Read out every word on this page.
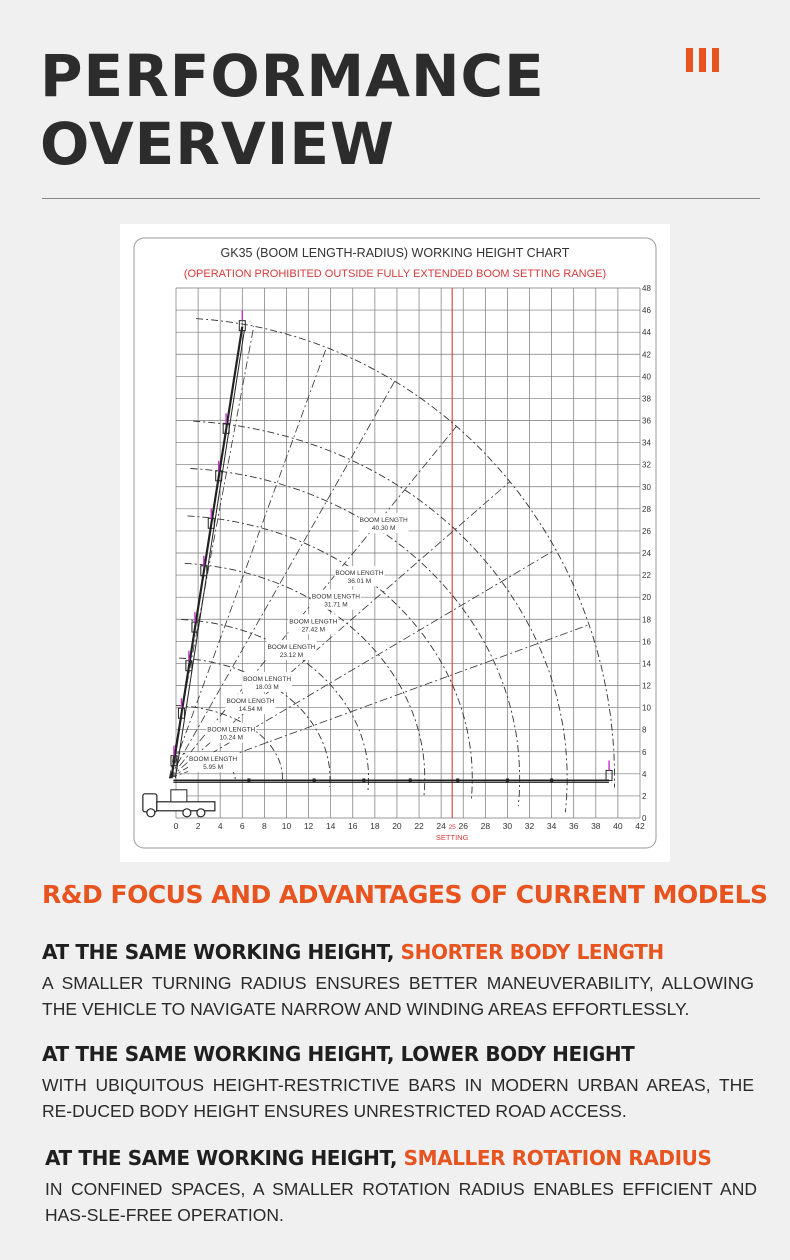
PERFORMANCE
OVERVIEW
GK35 (BOOM LENGTH-RADIUS) WORKING HEIGHT CHART
(OPERATION PROHIBITED OUTSIDE FULLY EXTENDED BOOM SETTING RANGE)
BOOM LENGTH
5.95 M
BOOM LENGTH
10.24 M
BOOM LENGTH
14.54 M
BOOM LENGTH
18.03 M
BOOM LENGTH
23.12 M
BOOM LENGTH
27.42 M
BOOM LENGTH
31.71 M
BOOM LENGTH
36.01 M
BOOM LENGTH
40.30 M
0 2 4 6 8 10 12 14 16 18 20 22 24 25 26 28 30 32 34 36 38 40 42
0
2
4
6
8
10
12
14
16
18
20
22
24
26
28
30
32
34
36
38
40
42
44
46
48
SETTING
R&D FOCUS AND ADVANTAGES OF CURRENT MODELS
AT THE SAME WORKING HEIGHT, SHORTER BODY LENGTH

A SMALLER TURNING RADIUS ENSURES BETTER MANEUVERABILITY, ALLOWING THE VEHICLE TO NAVIGATE NARROW AND WINDING AREAS EFFORTLESSLY.

AT THE SAME WORKING HEIGHT, LOWER BODY HEIGHT

WITH UBIQUITOUS HEIGHT-RESTRICTIVE BARS IN MODERN URBAN AREAS, THE RE-DUCED BODY HEIGHT ENSURES UNRESTRICTED ROAD ACCESS.

AT THE SAME WORKING HEIGHT, SMALLER ROTATION RADIUS

IN CONFINED SPACES, A SMALLER ROTATION RADIUS ENABLES EFFICIENT AND HAS-SLE-FREE OPERATION.
